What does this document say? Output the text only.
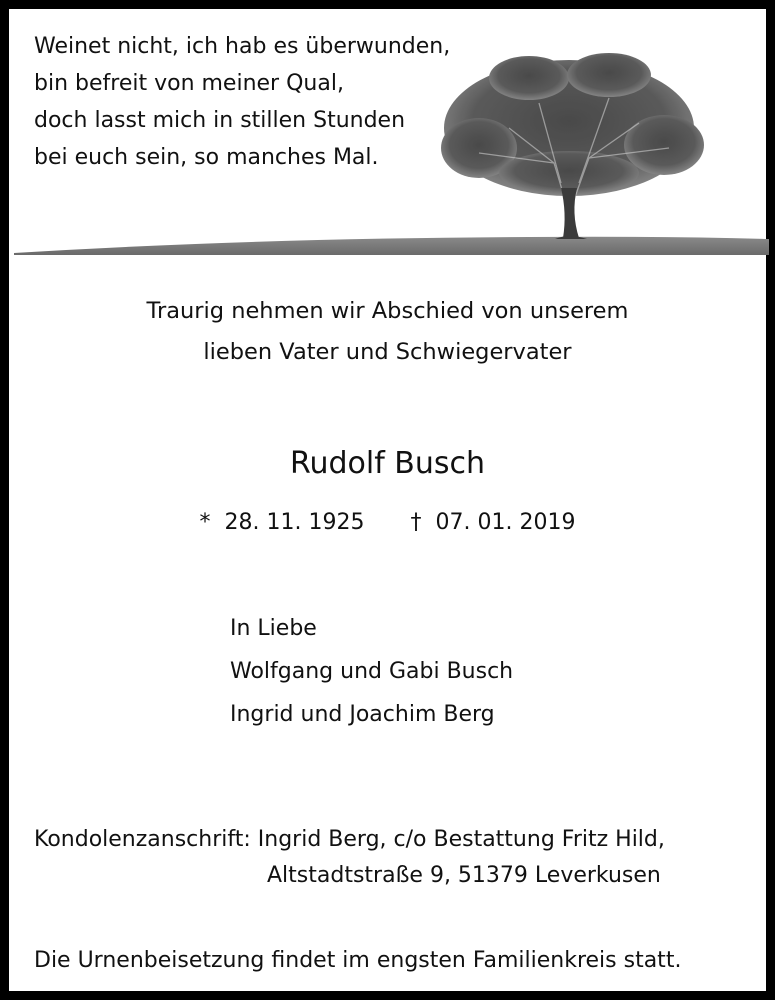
Weinet nicht, ich hab es überwunden,
bin befreit von meiner Qual,
doch lasst mich in stillen Stunden
bei euch sein, so manches Mal.
Traurig nehmen wir Abschied von unserem
lieben Vater und Schwiegervater
Rudolf Busch
* 28. 11. 1925 † 07. 01. 2019
In Liebe
Wolfgang und Gabi Busch
Ingrid und Joachim Berg
Kondolenzanschrift: Ingrid Berg, c/o Bestattung Fritz Hild,
Altstadtstraße 9, 51379 Leverkusen
Die Urnenbeisetzung findet im engsten Familienkreis statt.
